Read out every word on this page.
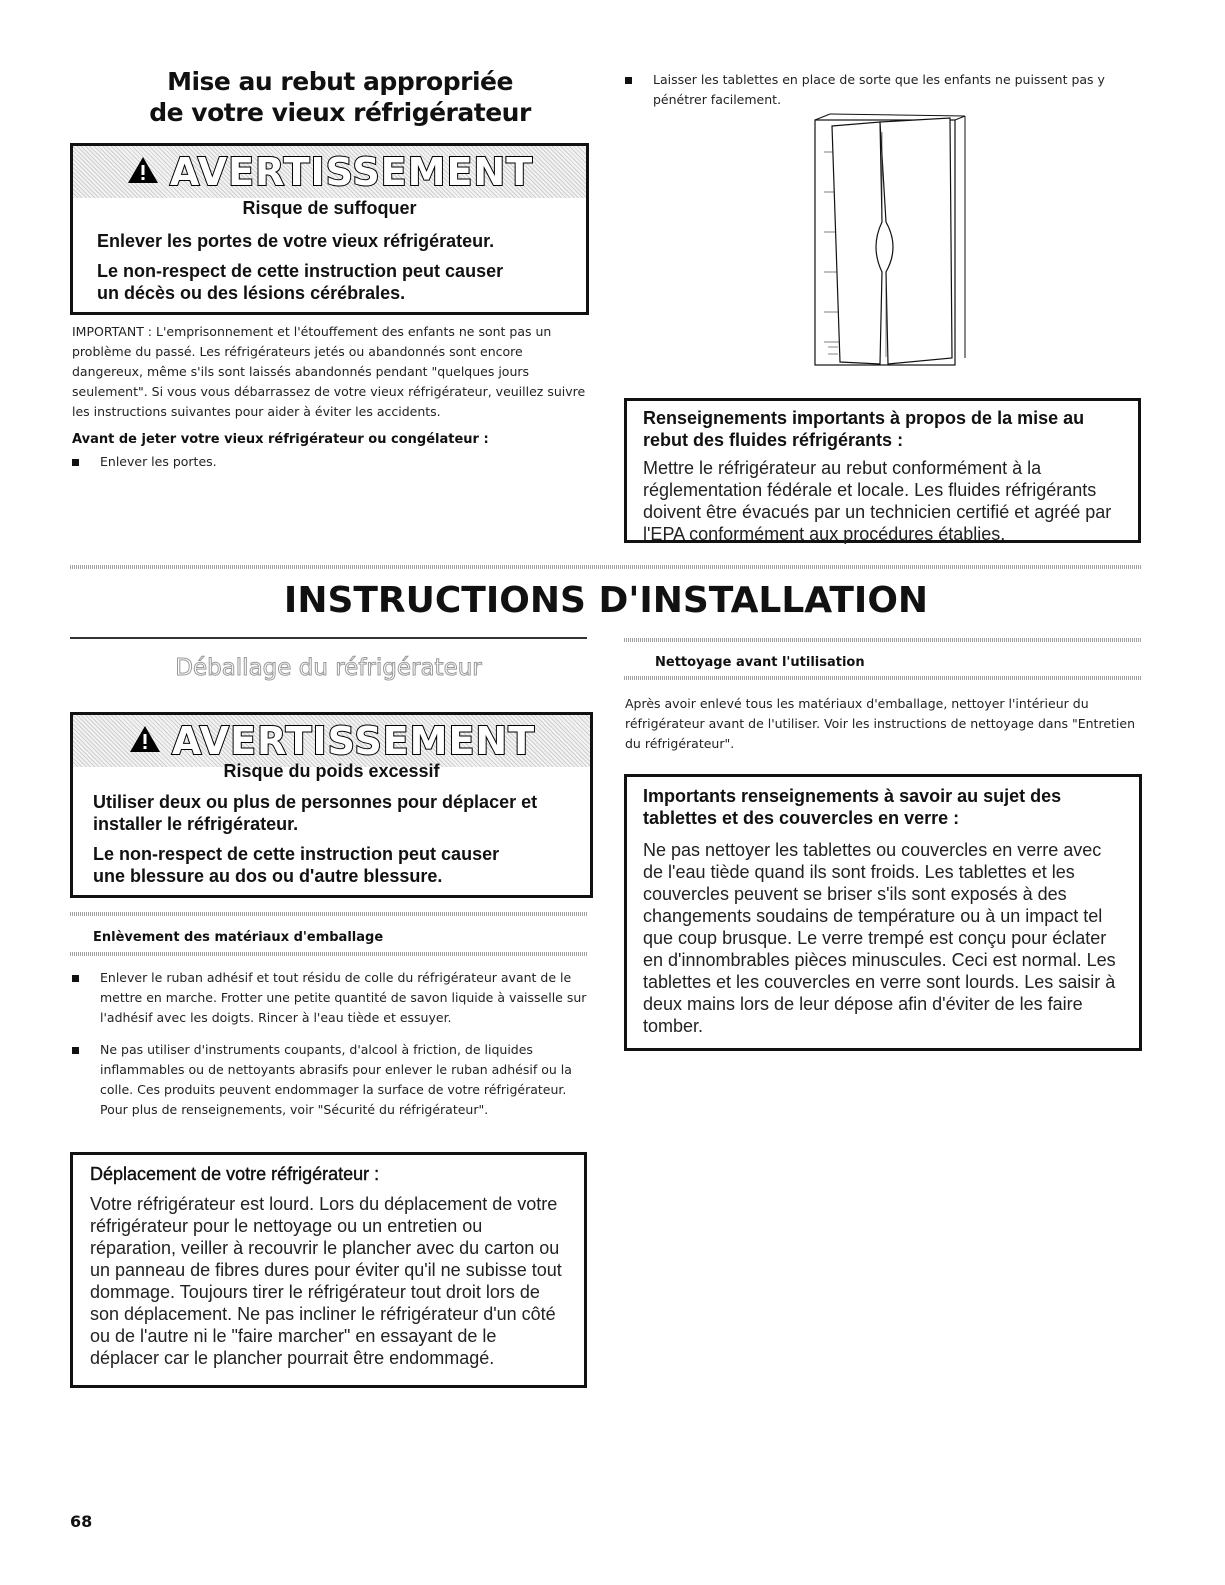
Mise au rebut appropriée
de votre vieux réfrigérateur
AVERTISSEMENT
Risque de suffoquer
Enlever les portes de votre vieux réfrigérateur.
Le non-respect de cette instruction peut causer
un décès ou des lésions cérébrales.
IMPORTANT : L'emprisonnement et l'étouffement des enfants ne sont pas un problème du passé. Les réfrigérateurs jetés ou abandonnés sont encore dangereux, même s'ils sont laissés abandonnés pendant "quelques jours seulement". Si vous vous débarrassez de votre vieux réfrigérateur, veuillez suivre les instructions suivantes pour aider à éviter les accidents.
Avant de jeter votre vieux réfrigérateur ou congélateur :
Enlever les portes.
Laisser les tablettes en place de sorte que les enfants ne puissent pas y pénétrer facilement.
Renseignements importants à propos de la mise au rebut des fluides réfrigérants :
Mettre le réfrigérateur au rebut conformément à la réglementation fédérale et locale. Les fluides réfrigérants doivent être évacués par un technicien certifié et agréé par l'EPA conformément aux procédures établies.
INSTRUCTIONS D'INSTALLATION
Déballage du réfrigérateur
AVERTISSEMENT
Risque du poids excessif
Utiliser deux ou plus de personnes pour déplacer et
installer le réfrigérateur.
Le non-respect de cette instruction peut causer
une blessure au dos ou d'autre blessure.
Enlèvement des matériaux d'emballage
Enlever le ruban adhésif et tout résidu de colle du réfrigérateur avant de le mettre en marche. Frotter une petite quantité de savon liquide à vaisselle sur l'adhésif avec les doigts. Rincer à l'eau tiède et essuyer.
Ne pas utiliser d'instruments coupants, d'alcool à friction, de liquides inflammables ou de nettoyants abrasifs pour enlever le ruban adhésif ou la colle. Ces produits peuvent endommager la surface de votre réfrigérateur. Pour plus de renseignements, voir "Sécurité du réfrigérateur".
Déplacement de votre réfrigérateur :
Votre réfrigérateur est lourd. Lors du déplacement de votre réfrigérateur pour le nettoyage ou un entretien ou réparation, veiller à recouvrir le plancher avec du carton ou un panneau de fibres dures pour éviter qu'il ne subisse tout dommage. Toujours tirer le réfrigérateur tout droit lors de son déplacement. Ne pas incliner le réfrigérateur d'un côté ou de l'autre ni le "faire marcher" en essayant de le déplacer car le plancher pourrait être endommagé.
Nettoyage avant l'utilisation
Après avoir enlevé tous les matériaux d'emballage, nettoyer l'intérieur du réfrigérateur avant de l'utiliser. Voir les instructions de nettoyage dans "Entretien du réfrigérateur".
Importants renseignements à savoir au sujet des tablettes et des couvercles en verre :
Ne pas nettoyer les tablettes ou couvercles en verre avec de l'eau tiède quand ils sont froids. Les tablettes et les couvercles peuvent se briser s'ils sont exposés à des changements soudains de température ou à un impact tel que coup brusque. Le verre trempé est conçu pour éclater en d'innombrables pièces minuscules. Ceci est normal. Les tablettes et les couvercles en verre sont lourds. Les saisir à deux mains lors de leur dépose afin d'éviter de les faire tomber.
68
